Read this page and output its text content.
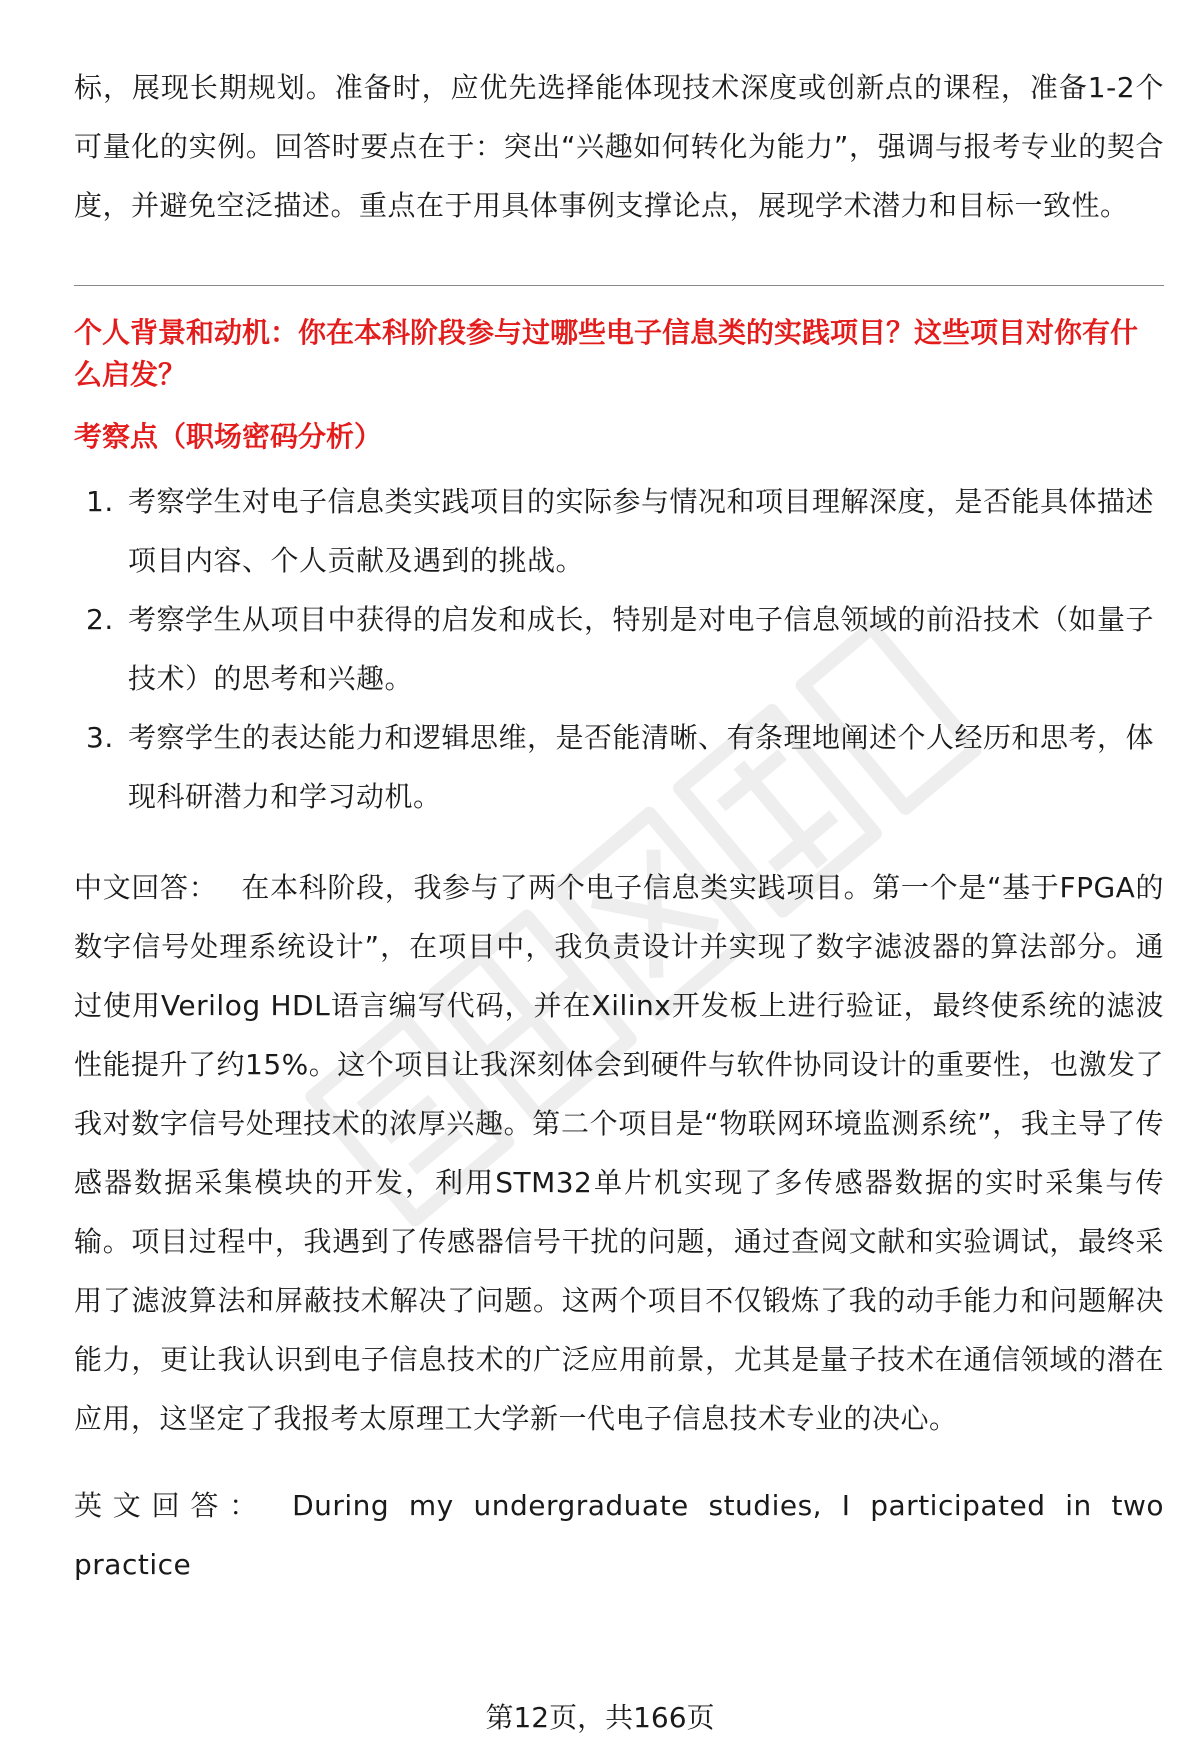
标，展现长期规划。准备时，应优先选择能体现技术深度或创新点的课程，准备1-2个可量化的实例。回答时要点在于：突出“兴趣如何转化为能力”，强调与报考专业的契合度，并避免空泛描述。重点在于用具体事例支撑论点，展现学术潜力和目标一致性。

个人背景和动机：你在本科阶段参与过哪些电子信息类的实践项目？这些项目对你有什么启发？

考察点（职场密码分析）

1. 考察学生对电子信息类实践项目的实际参与情况和项目理解深度，是否能具体描述项目内容、个人贡献及遇到的挑战。
2. 考察学生从项目中获得的启发和成长，特别是对电子信息领域的前沿技术（如量子技术）的思考和兴趣。
3. 考察学生的表达能力和逻辑思维，是否能清晰、有条理地阐述个人经历和思考，体现科研潜力和学习动机。

中文回答： 在本科阶段，我参与了两个电子信息类实践项目。第一个是“基于FPGA的数字信号处理系统设计”，在项目中，我负责设计并实现了数字滤波器的算法部分。通过使用Verilog HDL语言编写代码，并在Xilinx开发板上进行验证，最终使系统的滤波性能提升了约15%。这个项目让我深刻体会到硬件与软件协同设计的重要性，也激发了我对数字信号处理技术的浓厚兴趣。第二个项目是“物联网环境监测系统”，我主导了传感器数据采集模块的开发，利用STM32单片机实现了多传感器数据的实时采集与传输。项目过程中，我遇到了传感器信号干扰的问题，通过查阅文献和实验调试，最终采用了滤波算法和屏蔽技术解决了问题。这两个项目不仅锻炼了我的动手能力和问题解决能力，更让我认识到电子信息技术的广泛应用前景，尤其是量子技术在通信领域的潜在应用，这坚定了我报考太原理工大学新一代电子信息技术专业的决心。

英文回答： During my undergraduate studies, I participated in two practice

第12页，共166页
